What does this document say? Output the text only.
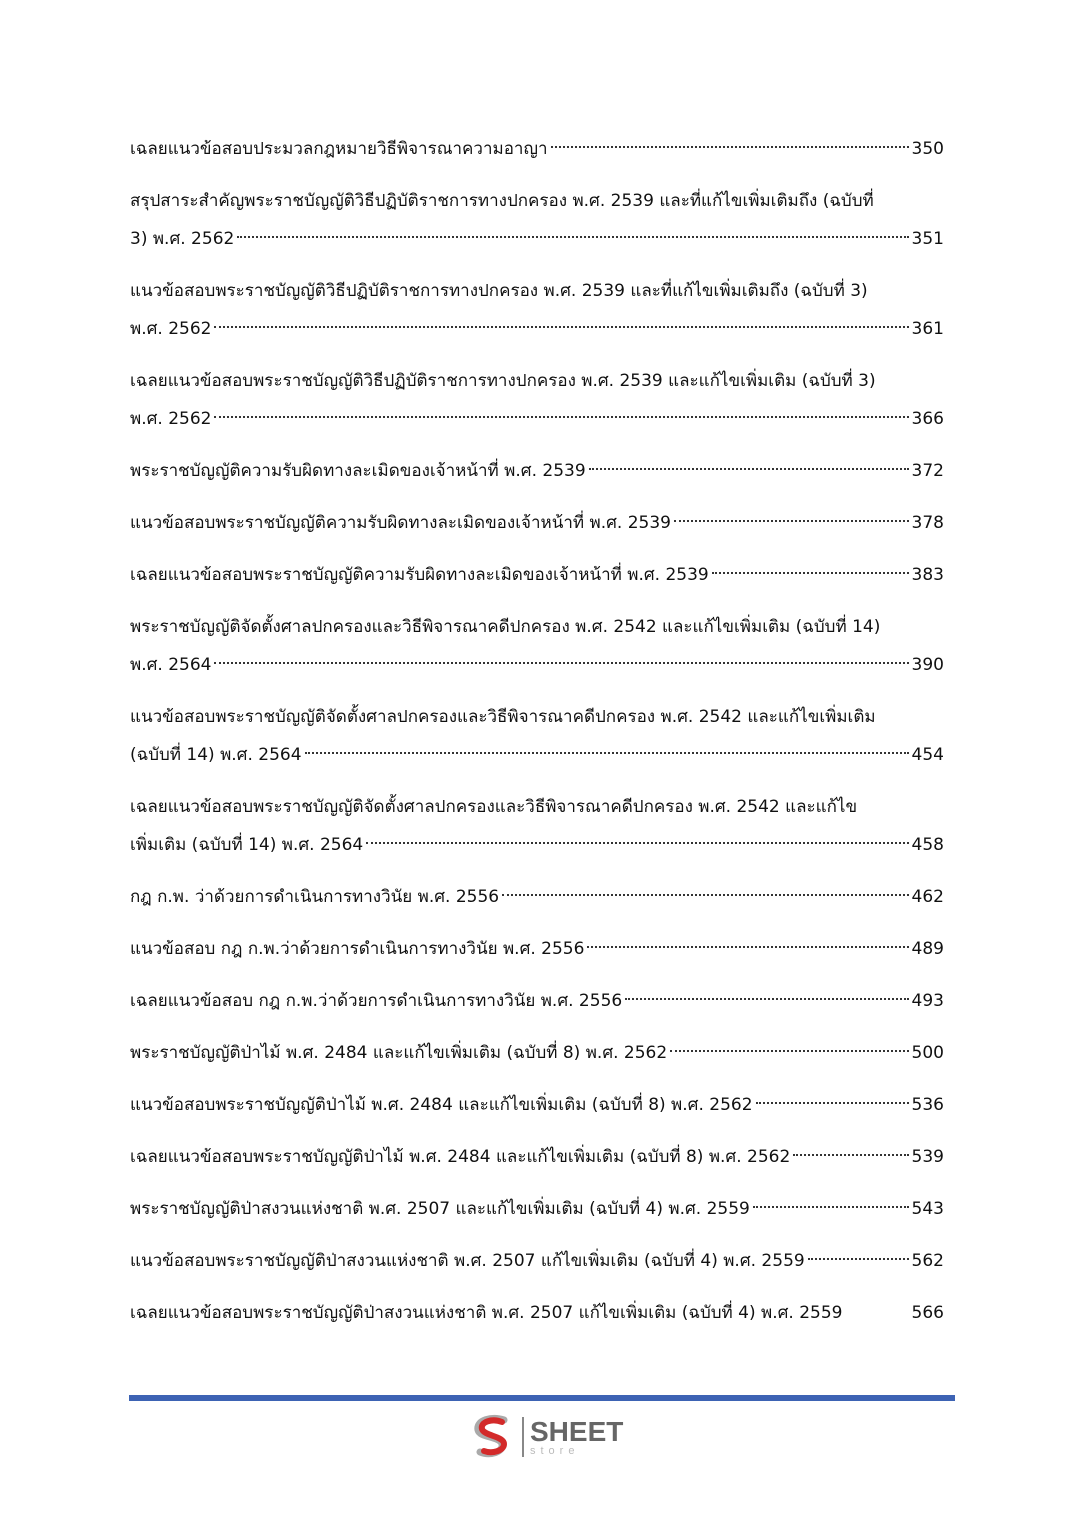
เฉลยแนวข้อสอบประมวลกฎหมายวิธีพิจารณาความอาญา	350
สรุปสาระสำคัญพระราชบัญญัติวิธีปฏิบัติราชการทางปกครอง พ.ศ. 2539 และที่แก้ไขเพิ่มเติมถึง (ฉบับที่
3) พ.ศ. 2562	351
แนวข้อสอบพระราชบัญญัติวิธีปฏิบัติราชการทางปกครอง พ.ศ. 2539 และที่แก้ไขเพิ่มเติมถึง (ฉบับที่ 3)
พ.ศ. 2562	361
เฉลยแนวข้อสอบพระราชบัญญัติวิธีปฏิบัติราชการทางปกครอง พ.ศ. 2539 และแก้ไขเพิ่มเติม (ฉบับที่ 3)
พ.ศ. 2562	366
พระราชบัญญัติความรับผิดทางละเมิดของเจ้าหน้าที่ พ.ศ. 2539	372
แนวข้อสอบพระราชบัญญัติความรับผิดทางละเมิดของเจ้าหน้าที่ พ.ศ. 2539	378
เฉลยแนวข้อสอบพระราชบัญญัติความรับผิดทางละเมิดของเจ้าหน้าที่ พ.ศ. 2539	383
พระราชบัญญัติจัดตั้งศาลปกครองและวิธีพิจารณาคดีปกครอง พ.ศ. 2542 และแก้ไขเพิ่มเติม (ฉบับที่ 14)
พ.ศ. 2564	390
แนวข้อสอบพระราชบัญญัติจัดตั้งศาลปกครองและวิธีพิจารณาคดีปกครอง พ.ศ. 2542 และแก้ไขเพิ่มเติม
(ฉบับที่ 14) พ.ศ. 2564	454
เฉลยแนวข้อสอบพระราชบัญญัติจัดตั้งศาลปกครองและวิธีพิจารณาคดีปกครอง พ.ศ. 2542 และแก้ไข
เพิ่มเติม (ฉบับที่ 14) พ.ศ. 2564	458
กฎ ก.พ. ว่าด้วยการดำเนินการทางวินัย พ.ศ. 2556	462
แนวข้อสอบ กฎ ก.พ.ว่าด้วยการดำเนินการทางวินัย พ.ศ. 2556	489
เฉลยแนวข้อสอบ กฎ ก.พ.ว่าด้วยการดำเนินการทางวินัย พ.ศ. 2556	493
พระราชบัญญัติป่าไม้ พ.ศ. 2484 และแก้ไขเพิ่มเติม (ฉบับที่ 8) พ.ศ. 2562	500
แนวข้อสอบพระราชบัญญัติป่าไม้ พ.ศ. 2484 และแก้ไขเพิ่มเติม (ฉบับที่ 8) พ.ศ. 2562	536
เฉลยแนวข้อสอบพระราชบัญญัติป่าไม้ พ.ศ. 2484 และแก้ไขเพิ่มเติม (ฉบับที่ 8) พ.ศ. 2562	539
พระราชบัญญัติป่าสงวนแห่งชาติ พ.ศ. 2507 และแก้ไขเพิ่มเติม (ฉบับที่ 4) พ.ศ. 2559	543
แนวข้อสอบพระราชบัญญัติป่าสงวนแห่งชาติ พ.ศ. 2507 แก้ไขเพิ่มเติม (ฉบับที่ 4) พ.ศ. 2559	562
เฉลยแนวข้อสอบพระราชบัญญัติป่าสงวนแห่งชาติ พ.ศ. 2507 แก้ไขเพิ่มเติม (ฉบับที่ 4) พ.ศ. 2559	566
SHEET
store
